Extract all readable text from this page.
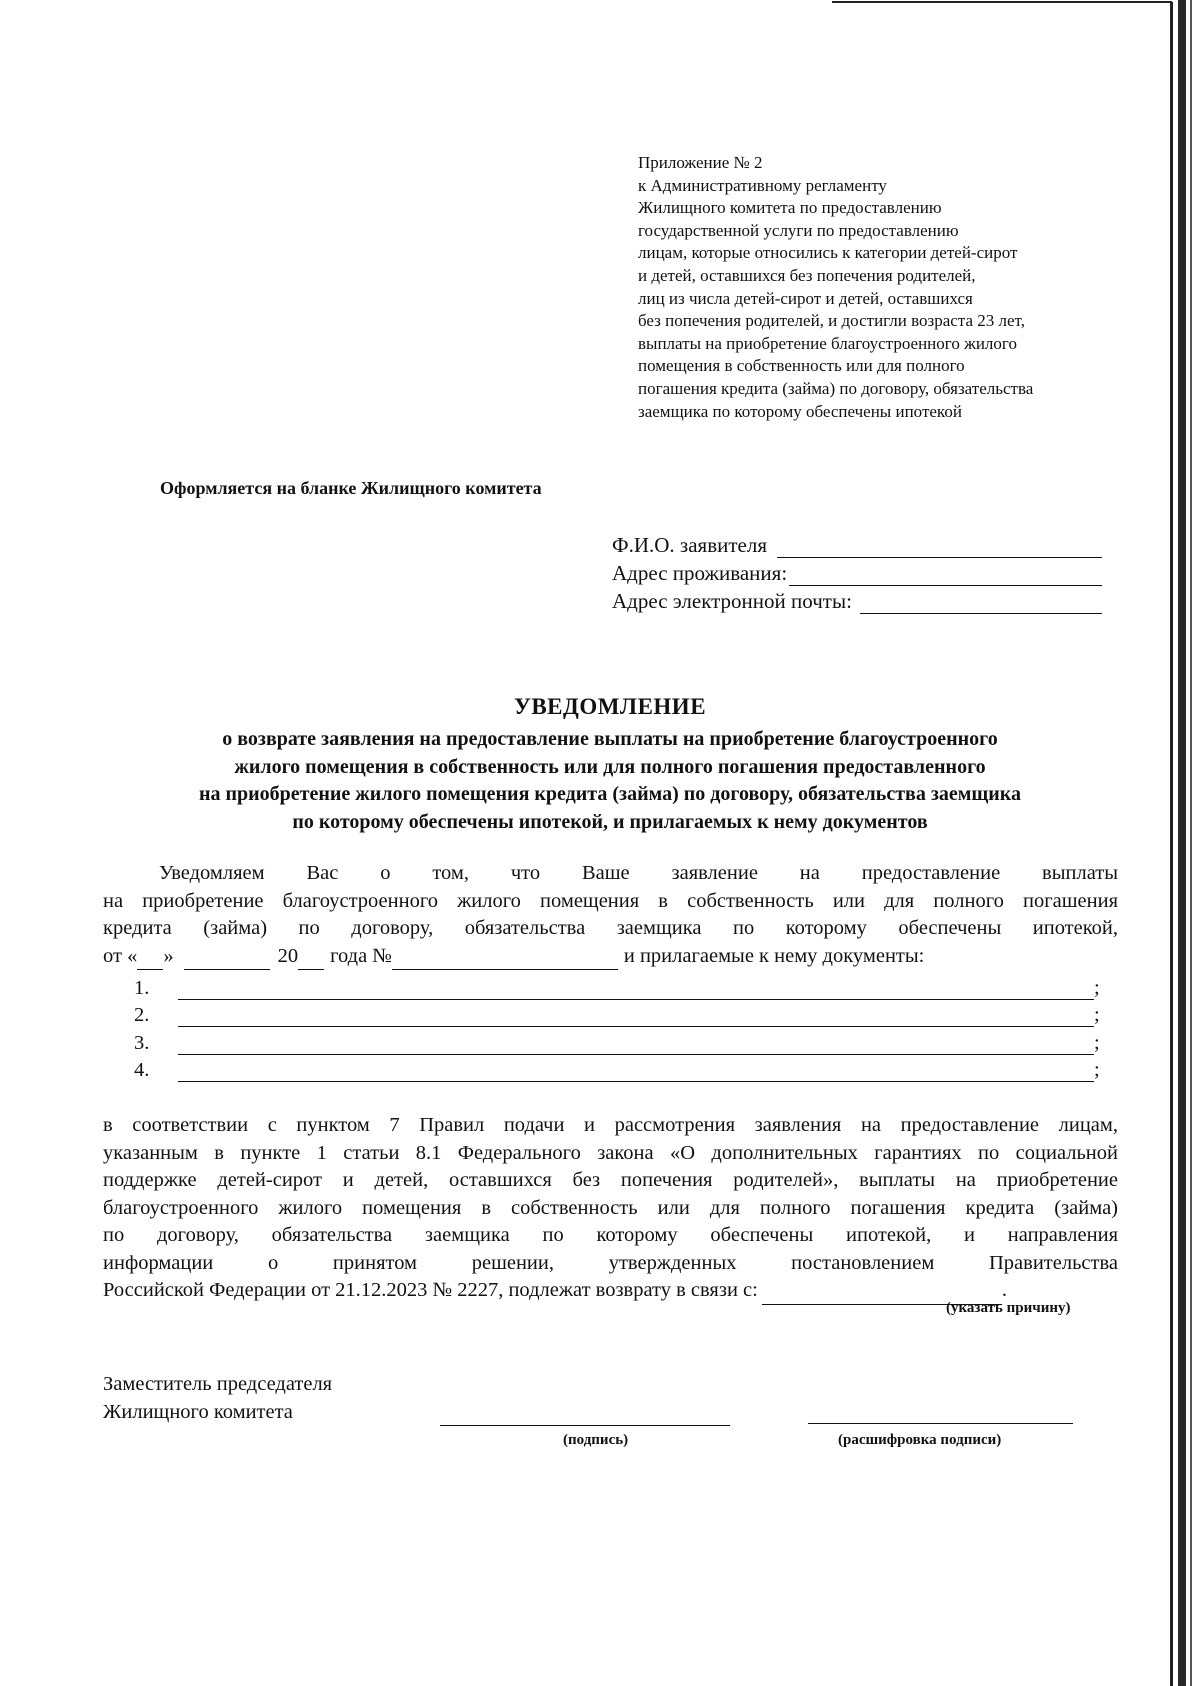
Приложение № 2
к Административному регламенту
Жилищного комитета по предоставлению
государственной услуги по предоставлению
лицам, которые относились к категории детей-сирот
и детей, оставшихся без попечения родителей,
лиц из числа детей-сирот и детей, оставшихся
без попечения родителей, и достигли возраста 23 лет,
выплаты на приобретение благоустроенного жилого
помещения в собственность или для полного
погашения кредита (займа) по договору, обязательства
заемщика по которому обеспечены ипотекой
Оформляется на бланке Жилищного комитета
Ф.И.О. заявителя
Адрес проживания:
Адрес электронной почты:
УВЕДОМЛЕНИЕ
о возврате заявления на предоставление выплаты на приобретение благоустроенного
жилого помещения в собственность или для полного погашения предоставленного
на приобретение жилого помещения кредита (займа) по договору, обязательства заемщика
по которому обеспечены ипотекой, и прилагаемых к нему документов
Уведомляем Вас о том, что Ваше заявление на предоставление выплаты
на приобретение благоустроенного жилого помещения в собственность или для полного погашения
кредита (займа) по договору, обязательства заемщика по которому обеспечены ипотекой,
от « »	20 года №	и прилагаемые к нему документы:
1.	;
2.	;
3.	;
4.	;
в соответствии с пунктом 7 Правил подачи и рассмотрения заявления на предоставление лицам,
указанным в пункте 1 статьи 8.1 Федерального закона «О дополнительных гарантиях по социальной
поддержке детей-сирот и детей, оставшихся без попечения родителей», выплаты на приобретение
благоустроенного жилого помещения в собственность или для полного погашения кредита (займа)
по договору, обязательства заемщика по которому обеспечены ипотекой, и направления
информации о принятом решении, утвержденных постановлением Правительства
Российской Федерации от 21.12.2023 № 2227, подлежат возврату в связи с:	.
(указать причину)
Заместитель председателя
Жилищного комитета
(подпись)	(расшифровка подписи)
